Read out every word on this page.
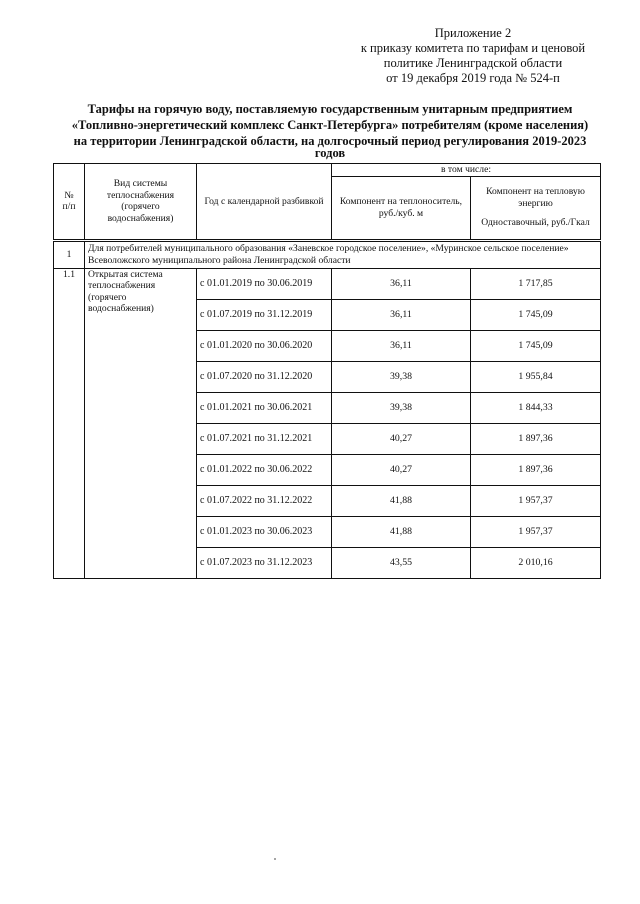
Приложение 2
к приказу комитета по тарифам и ценовой
политике Ленинградской области
от 19 декабря 2019 года № 524-п
Тарифы на горячую воду, поставляемую государственным унитарным предприятием
«Топливно-энергетический комплекс Санкт-Петербурга» потребителям (кроме населения)
на территории Ленинградской области, на долгосрочный период регулирования 2019-2023
годов
№
п/п	Вид системы теплоснабжения (горячего водоснабжения)	Год с календарной разбивкой	в том числе:	
			Компонент на теплоноситель, руб./куб. м	Компонент на тепловую энергию
Одноставочный, руб./Гкал

1	Для потребителей муниципального образования «Заневское городское поселение», «Муринское сельское поселение» Всеволожского муниципального района Ленинградской области			
1.1	Открытая система теплоснабжения (горячего водоснабжения)	с 01.01.2019 по 30.06.2019	36,11	1 717,85
		с 01.07.2019 по 31.12.2019	36,11	1 745,09
		с 01.01.2020 по 30.06.2020	36,11	1 745,09
		с 01.07.2020 по 31.12.2020	39,38	1 955,84
		с 01.01.2021 по 30.06.2021	39,38	1 844,33
		с 01.07.2021 по 31.12.2021	40,27	1 897,36
		с 01.01.2022 по 30.06.2022	40,27	1 897,36
		с 01.07.2022 по 31.12.2022	41,88	1 957,37
		с 01.01.2023 по 30.06.2023	41,88	1 957,37
		с 01.07.2023 по 31.12.2023	43,55	2 010,16
